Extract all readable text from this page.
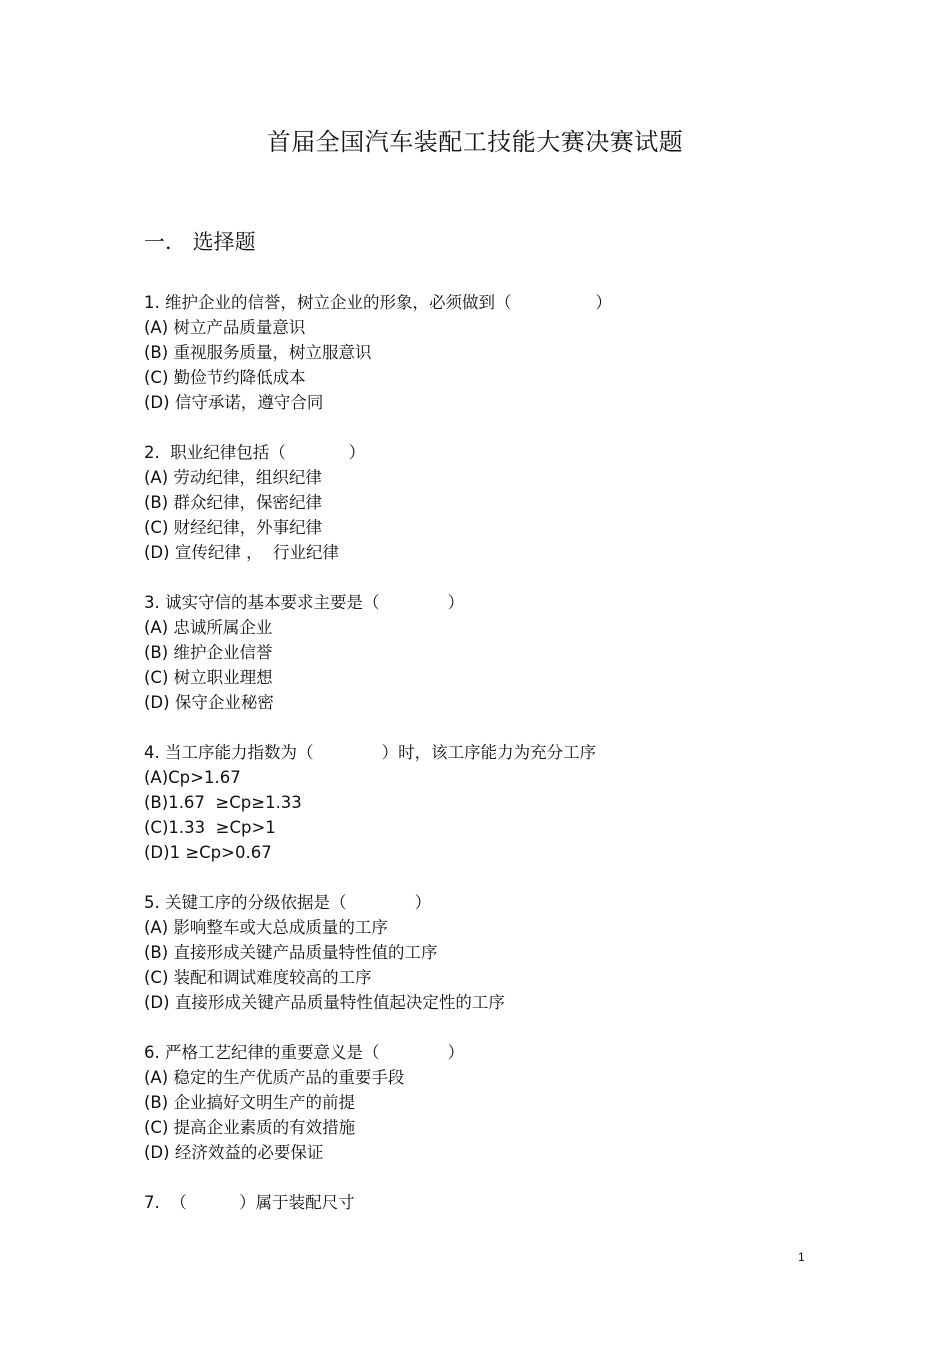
首届全国汽车装配工技能大赛决赛试题
一． 选择题
1. 维护企业的信誉，树立企业的形象，必须做到（                ）
(A) 树立产品质量意识
(B) 重视服务质量，树立服意识
(C) 勤俭节约降低成本
(D) 信守承诺，遵守合同
2.  职业纪律包括（            ）
(A) 劳动纪律，组织纪律
(B) 群众纪律，保密纪律
(C) 财经纪律，外事纪律
(D) 宣传纪律 ，  行业纪律
3. 诚实守信的基本要求主要是（             ）
(A) 忠诚所属企业
(B) 维护企业信誉
(C) 树立职业理想
(D) 保守企业秘密
4. 当工序能力指数为（             ）时，该工序能力为充分工序
(A)Cp>1.67
(B)1.67  ≥Cp≥1.33
(C)1.33  ≥Cp>1
(D)1 ≥Cp>0.67
5. 关键工序的分级依据是（             ）
(A) 影响整车或大总成质量的工序
(B) 直接形成关键产品质量特性值的工序
(C) 装配和调试难度较高的工序
(D) 直接形成关键产品质量特性值起决定性的工序
6. 严格工艺纪律的重要意义是（             ）
(A) 稳定的生产优质产品的重要手段
(B) 企业搞好文明生产的前提
(C) 提高企业素质的有效措施
(D) 经济效益的必要保证
7.  （          ）属于装配尺寸
1
